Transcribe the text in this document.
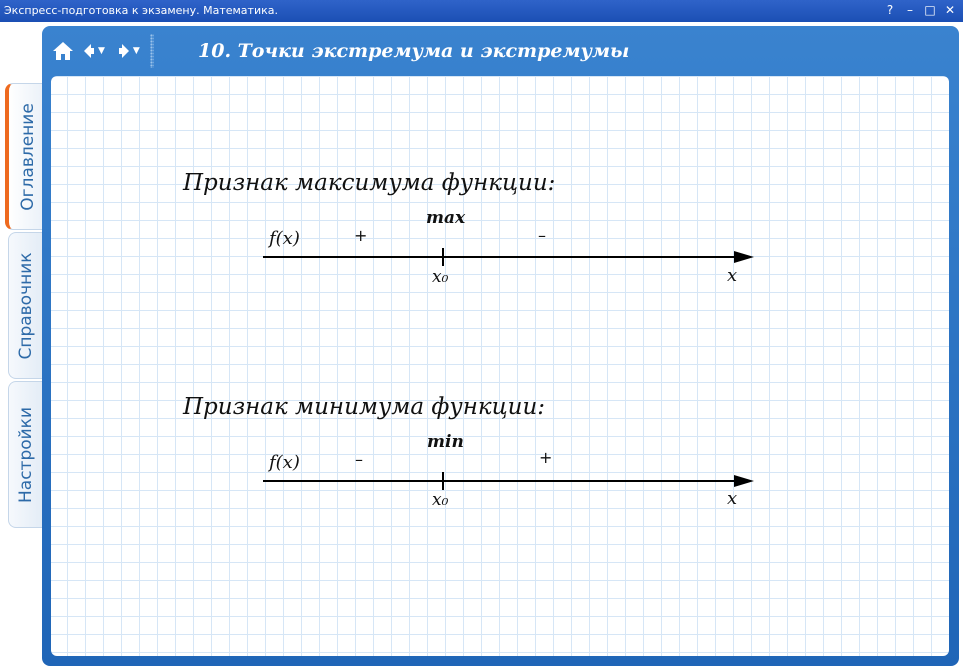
Экспресс-подготовка к экзамену. Математика.	?	– □ ✕
Оглавление
Справочник
Настройки
▼	▼	10. Точки экстремума и экстремумы
Признак максимума функции:
max
f(x)	+	–
x₀	x
Признак минимума функции:
min
f(x)	–	+
x₀	x
